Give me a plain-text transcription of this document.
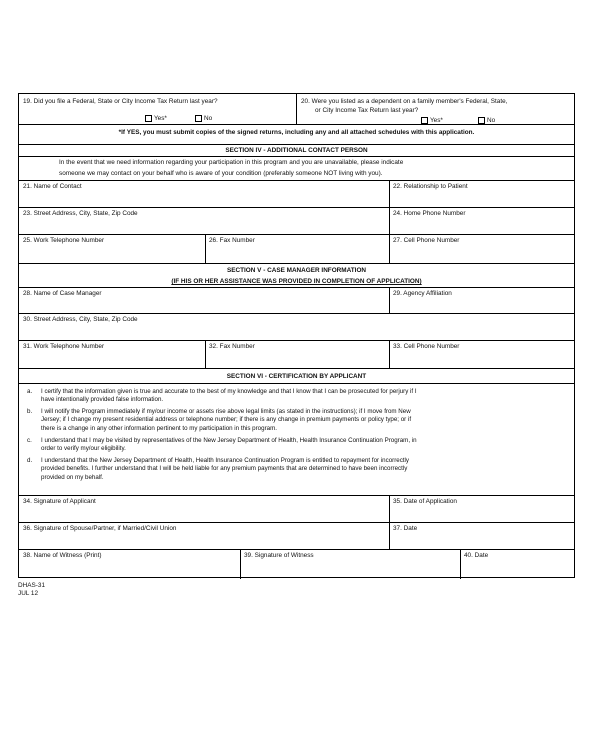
19. Did you file a Federal, State or City Income Tax Return last year?
Yes*	No
20. Were you listed as a dependent on a family member's Federal, State,
or City Income Tax Return last year?
Yes*	No
*If YES, you must submit copies of the signed returns, including any and all attached schedules with this application.
SECTION IV - ADDITIONAL CONTACT PERSON
In the event that we need information regarding your participation in this program and you are unavailable, please indicate
someone we may contact on your behalf who is aware of your condition (preferably someone NOT living with you).
21. Name of Contact	22. Relationship to Patient
23. Street Address, City, State, Zip Code	24. Home Phone Number
25. Work Telephone Number	26. Fax Number	27. Cell Phone Number
SECTION V - CASE MANAGER INFORMATION
(IF HIS OR HER ASSISTANCE WAS PROVIDED IN COMPLETION OF APPLICATION)
28. Name of Case Manager	29. Agency Affiliation
30. Street Address, City, State, Zip Code
31. Work Telephone Number	32. Fax Number	33. Cell Phone Number
SECTION VI - CERTIFICATION BY APPLICANT
a. I certify that the information given is true and accurate to the best of my knowledge and that I know that I can be prosecuted for perjury if I
have intentionally provided false information.
b. I will notify the Program immediately if my/our income or assets rise above legal limits (as stated in the instructions); if I move from New
Jersey; if I change my present residential address or telephone number; if there is any change in premium payments or policy type; or if
there is a change in any other information pertinent to my participation in this program.
c. I understand that I may be visited by representatives of the New Jersey Department of Health, Health Insurance Continuation Program, in
order to verify my/our eligibility.
d. I understand that the New Jersey Department of Health, Health Insurance Continuation Program is entitled to repayment for incorrectly
provided benefits. I further understand that I will be held liable for any premium payments that are determined to have been incorrectly
provided on my behalf.
34. Signature of Applicant	35. Date of Application
36. Signature of Spouse/Partner, if Married/Civil Union	37. Date
38. Name of Witness (Print)	39. Signature of Witness	40. Date
DHAS-31
JUL 12
